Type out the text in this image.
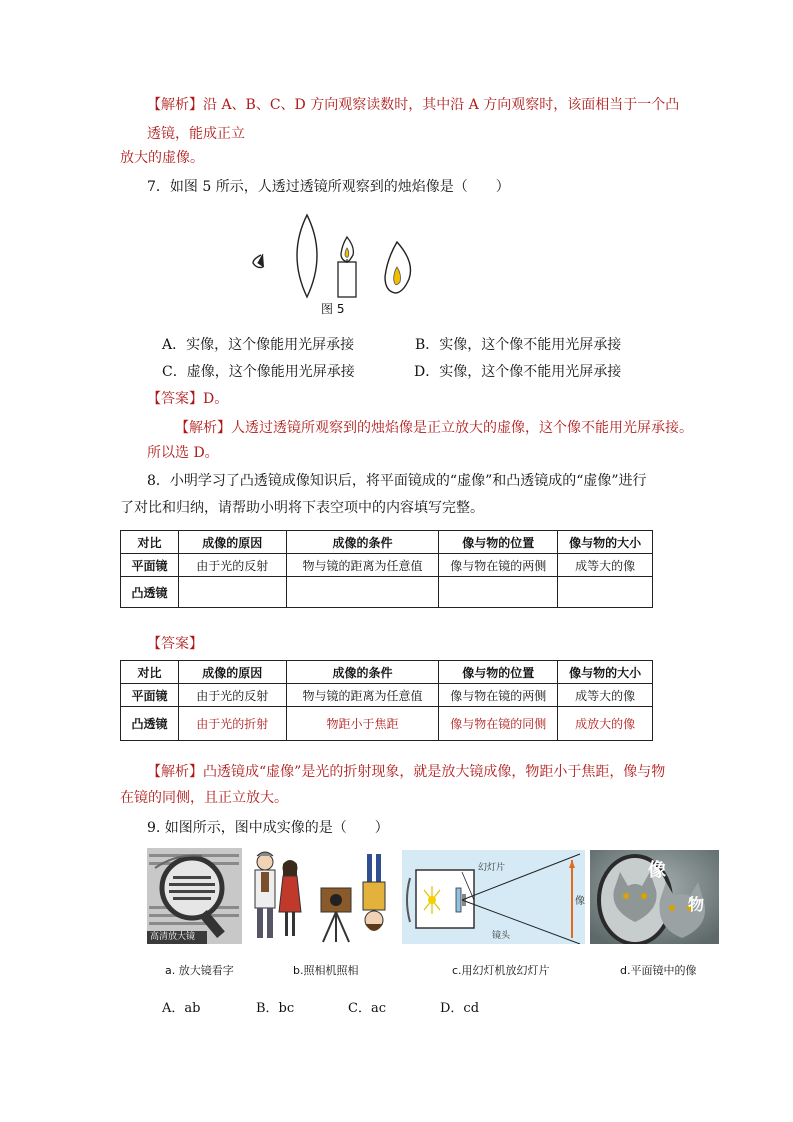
【解析】沿 A、B、C、D 方向观察读数时，其中沿 A 方向观察时，该面相当于一个凸
透镜，能成正立
放大的虚像。
7．如图 5 所示，人透过透镜所观察到的烛焰像是（　　）
图 5
A．实像，这个像能用光屏承接	B．实像，这个像不能用光屏承接
C．虚像，这个像能用光屏承接	D．实像，这个像不能用光屏承接
【答案】D。
【解析】人透过透镜所观察到的烛焰像是正立放大的虚像，这个像不能用光屏承接。
所以选 D。
8．小明学习了凸透镜成像知识后，将平面镜成的“虚像”和凸透镜成的“虚像”进行
了对比和归纳，请帮助小明将下表空项中的内容填写完整。
对比	成像的原因	成像的条件	像与物的位置	像与物的大小
平面镜	由于光的反射	物与镜的距离为任意值	像与物在镜的两侧	成等大的像
凸透镜				
【答案】
对比	成像的原因	成像的条件	像与物的位置	像与物的大小
平面镜	由于光的反射	物与镜的距离为任意值	像与物在镜的两侧	成等大的像
凸透镜	由于光的折射	物距小于焦距	像与物在镜的同侧	成放大的像
【解析】凸透镜成“虚像”是光的折射现象，就是放大镜成像，物距小于焦距，像与物
在镜的同侧，且正立放大。
9. 如图所示，图中成实像的是（　　）
高清放大镜
幻灯片
像
镜头
像
物
a. 放大镜看字	b.照相机照相	c.用幻灯机放幻灯片	d.平面镜中的像
A．ab	B．bc	C．ac	D．cd
